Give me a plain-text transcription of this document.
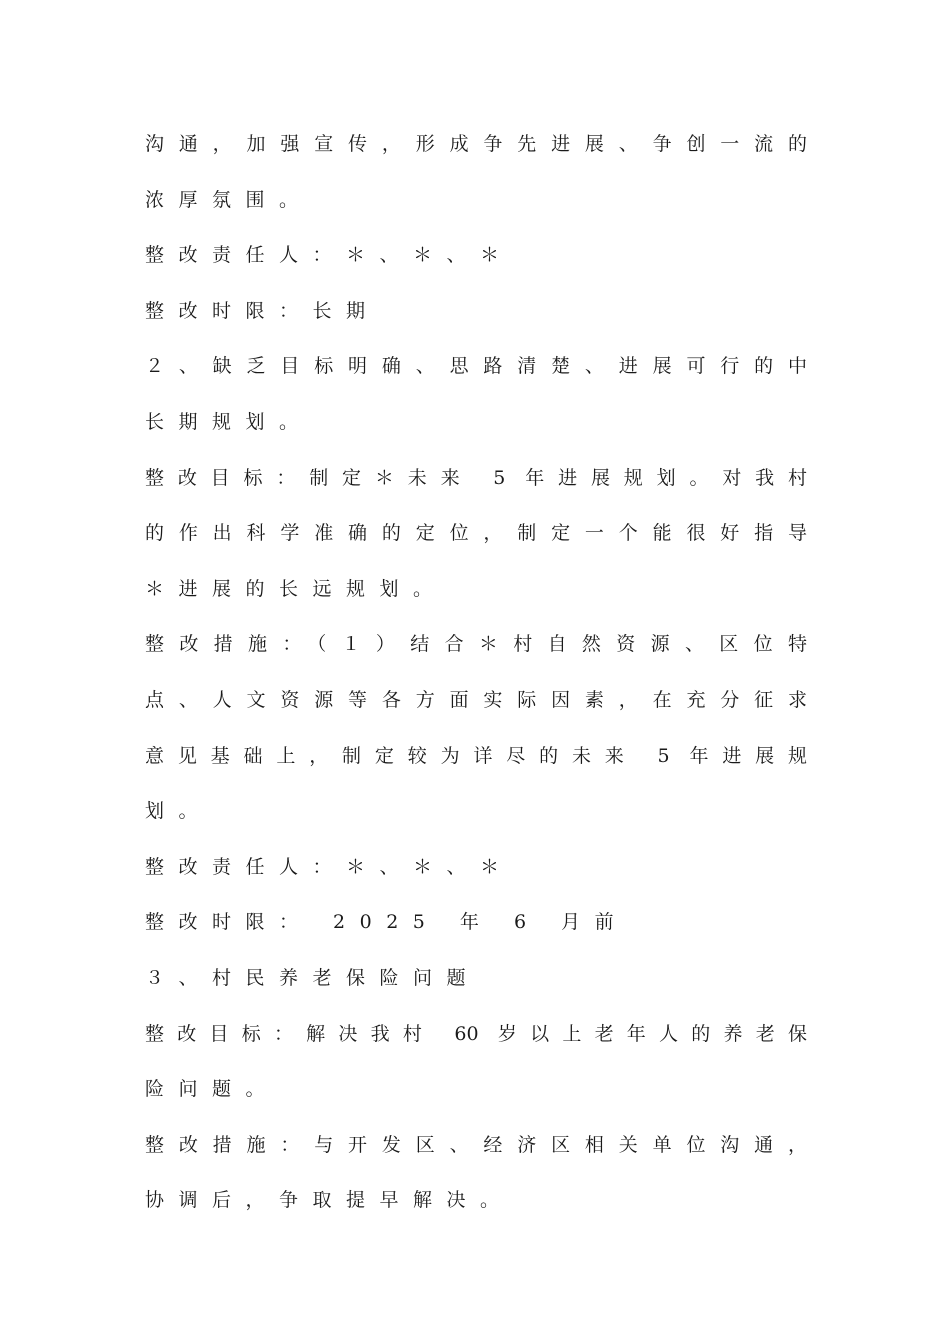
沟通，加强宣传，形成争先进展、争创一流的
浓厚氛围。
整改责任人：＊、＊、＊
整改时限：长期
２、缺乏目标明确、思路清楚、进展可行的中
长期规划。
整改目标：制定＊未来 5 年进展规划。对我村
的作出科学准确的定位，制定一个能很好指导
＊进展的长远规划。
整改措施：（１）结合＊村自然资源、区位特
点、人文资源等各方面实际因素，在充分征求
意见基础上，制定较为详尽的未来 5 年进展规
划。
整改责任人：＊、＊、＊
整改时限： 2025 年 6 月前
３、村民养老保险问题
整改目标：解决我村 60 岁以上老年人的养老保
险问题。
整改措施：与开发区、经济区相关单位沟通，
协调后，争取提早解决。
